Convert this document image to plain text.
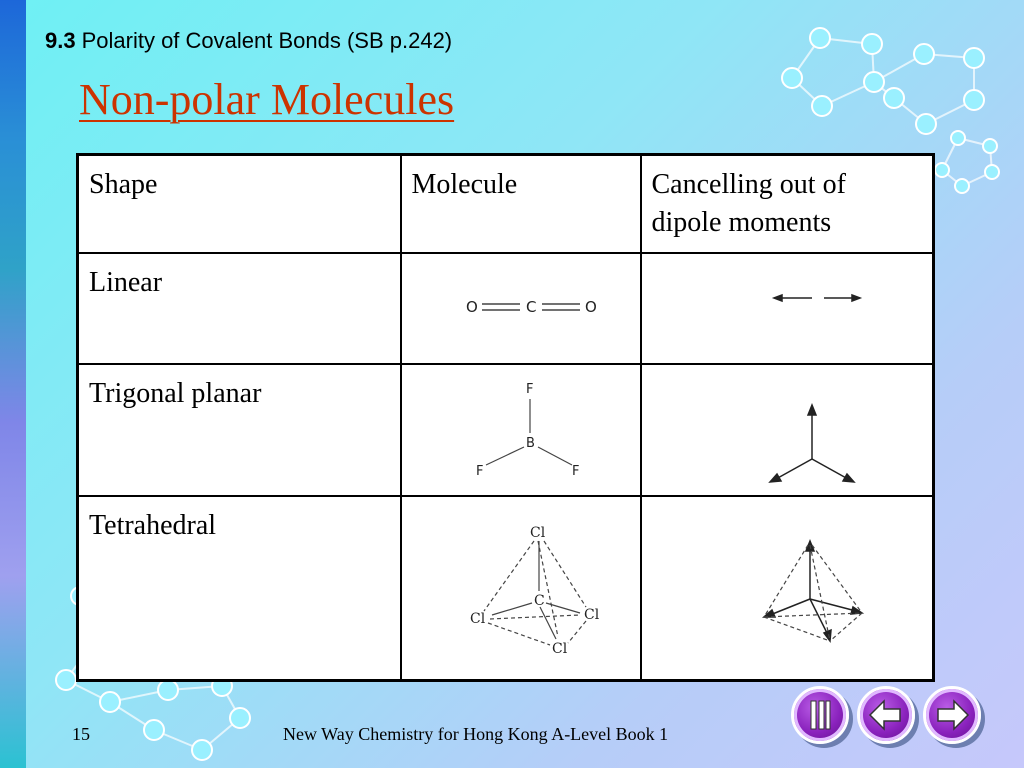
9.3 Polarity of Covalent Bonds (SB p.242)
Non-polar Molecules
Shape	Molecule	Cancelling out of dipole moments
Linear	O C O

Trigonal planar	F
B
F F

Tetrahedral	Cl
C
Cl Cl
Cl

15	New Way Chemistry for Hong Kong A-Level Book 1
